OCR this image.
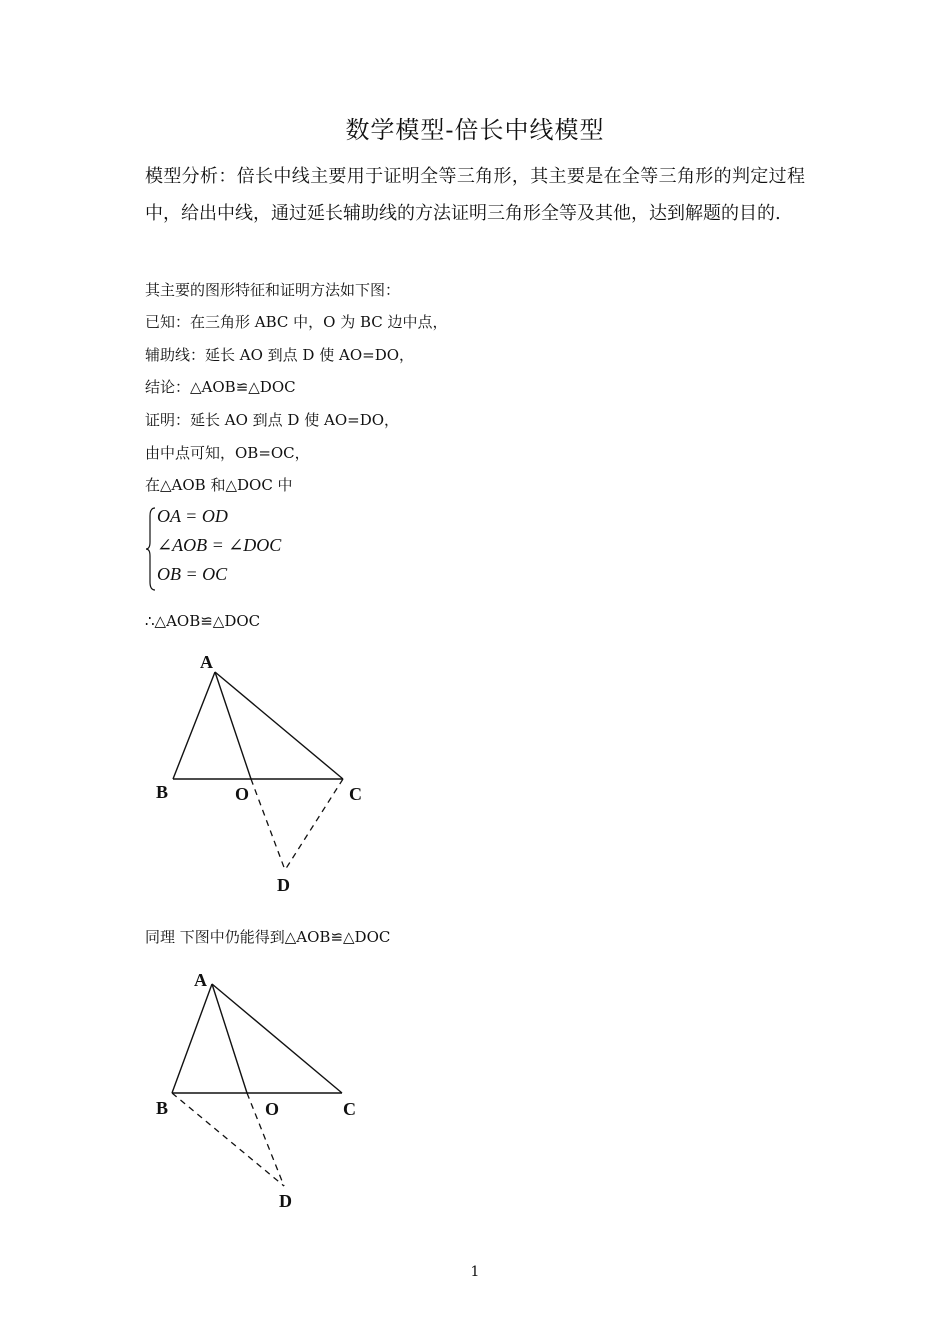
数学模型-倍长中线模型
模型分析：倍长中线主要用于证明全等三角形，其主要是在全等三角形的判定过程中，给出中线，通过延长辅助线的方法证明三角形全等及其他，达到解题的目的.
其主要的图形特征和证明方法如下图：
已知：在三角形 ABC 中，O 为 BC 边中点，
辅助线：延长 AO 到点 D 使 AO=DO，
结论：△AOB≌△DOC
证明：延长 AO 到点 D 使 AO=DO，
由中点可知，OB=OC，
在△AOB 和△DOC 中
OA = OD
∠AOB = ∠DOC
OB = OC
∴△AOB≌△DOC
A
B	O	C
D
同理 下图中仍能得到△AOB≌△DOC
A
B	O	C
D
1
